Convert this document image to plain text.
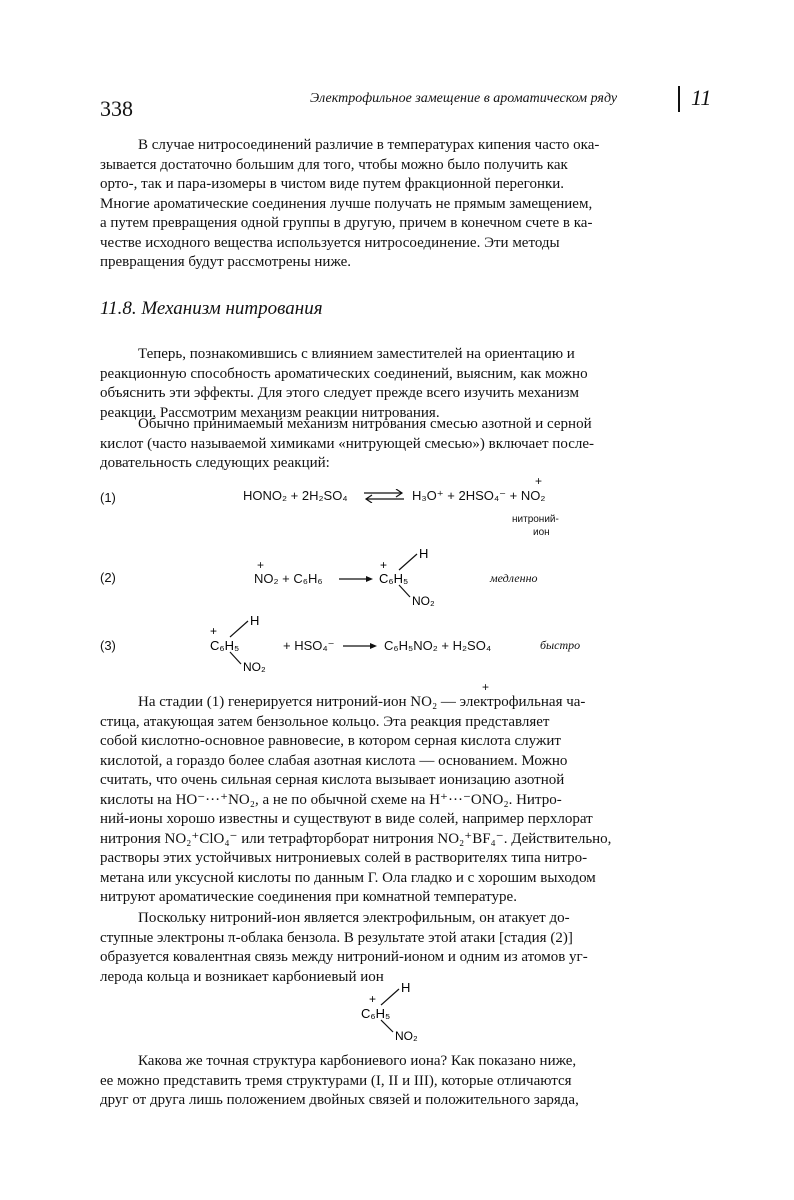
338	Электрофильное замещение в ароматическом ряду	11
В случае нитросоединений различие в температурах кипения часто ока-
зывается достаточно большим для того, чтобы можно было получить как
орто-, так и пара-изомеры в чистом виде путем фракционной перегонки.
Многие ароматические соединения лучше получать не прямым замещением,
а путем превращения одной группы в другую, причем в конечном счете в ка-
честве исходного вещества используется нитросоединение. Эти методы
превращения будут рассмотрены ниже.
11.8. Механизм нитрования
Теперь, познакомившись с влиянием заместителей на ориентацию и
реакционную способность ароматических соединений, выясним, как можно
объяснить эти эффекты. Для этого следует прежде всего изучить механизм
реакции. Рассмотрим механизм реакции нитрования.
Обычно принимаемый механизм нитрования смесью азотной и серной
кислот (часто называемой химиками «нитрующей смесью») включает после-
довательность следующих реакций:
(1)	HONO₂ + 2H₂SO₄ ⇌ H₃O⁺ + 2HSO₄⁻ + NO₂
+
нитроний-
ион
(2)
+
NO₂ + C₆H₆
+
H
C₆H₅
NO₂
медленно
(3)
+
H
C₆H₅
NO₂
+ HSO₄⁻	C₆H₅NO₂ + H₂SO₄	быстро
+
На стадии (1) генерируется нитроний-ион NO₂ — электрофильная ча-
стица, атакующая затем бензольное кольцо. Эта реакция представляет
собой кислотно-основное равновесие, в котором серная кислота служит
кислотой, а гораздо более слабая азотная кислота — основанием. Можно
считать, что очень сильная серная кислота вызывает ионизацию азотной
кислоты на HO⁻···⁺NO₂, а не по обычной схеме на H⁺···⁻ONO₂. Нитро-
ний-ионы хорошо известны и существуют в виде солей, например перхлорат
нитрония NO₂⁺ClO₄⁻ или тетрафторборат нитрония NO₂⁺BF₄⁻. Действительно,
растворы этих устойчивых нитрониевых солей в растворителях типа нитро-
метана или уксусной кислоты по данным Г. Ола гладко и с хорошим выходом
нитруют ароматические соединения при комнатной температуре.
Поскольку нитроний-ион является электрофильным, он атакует до-
ступные электроны π-облака бензола. В результате этой атаки [стадия (2)]
образуется ковалентная связь между нитроний-ионом и одним из атомов уг-
лерода кольца и возникает карбониевый ион
+
H
C₆H₅
NO₂
Какова же точная структура карбониевого иона? Как показано ниже,
ее можно представить тремя структурами (I, II и III), которые отличаются
друг от друга лишь положением двойных связей и положительного заряда,
